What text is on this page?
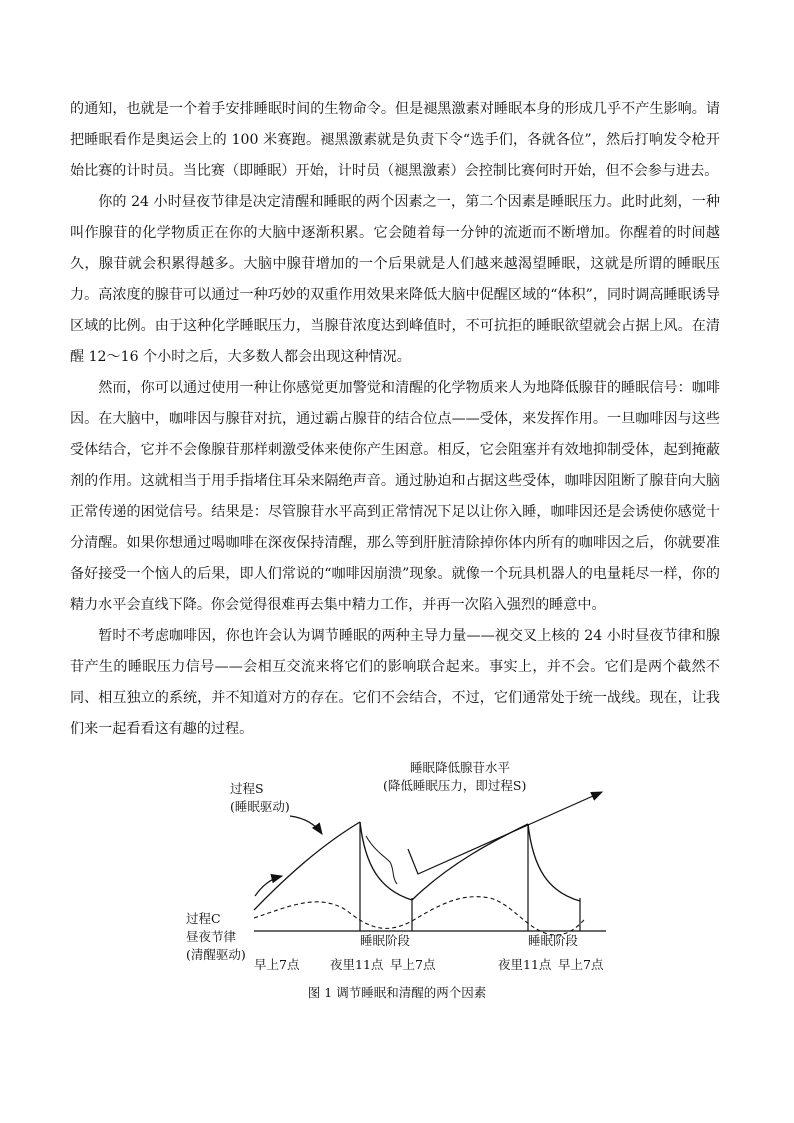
的通知，也就是一个着手安排睡眠时间的生物命令。但是褪黑激素对睡眠本身的形成几乎不产生影响。请把睡眠看作是奥运会上的 100 米赛跑。褪黑激素就是负责下令“选手们，各就各位”，然后打响发令枪开始比赛的计时员。当比赛（即睡眠）开始，计时员（褪黑激素）会控制比赛何时开始，但不会参与进去。

你的 24 小时昼夜节律是决定清醒和睡眠的两个因素之一，第二个因素是睡眠压力。此时此刻，一种叫作腺苷的化学物质正在你的大脑中逐渐积累。它会随着每一分钟的流逝而不断增加。你醒着的时间越久，腺苷就会积累得越多。大脑中腺苷增加的一个后果就是人们越来越渴望睡眠，这就是所谓的睡眠压力。高浓度的腺苷可以通过一种巧妙的双重作用效果来降低大脑中促醒区域的“体积”，同时调高睡眠诱导区域的比例。由于这种化学睡眠压力，当腺苷浓度达到峰值时，不可抗拒的睡眠欲望就会占据上风。在清醒 12～16 个小时之后，大多数人都会出现这种情况。

然而，你可以通过使用一种让你感觉更加警觉和清醒的化学物质来人为地降低腺苷的睡眠信号：咖啡因。在大脑中，咖啡因与腺苷对抗，通过霸占腺苷的结合位点——受体，来发挥作用。一旦咖啡因与这些受体结合，它并不会像腺苷那样刺激受体来使你产生困意。相反，它会阻塞并有效地抑制受体，起到掩蔽剂的作用。这就相当于用手指堵住耳朵来隔绝声音。通过胁迫和占据这些受体，咖啡因阻断了腺苷向大脑正常传递的困觉信号。结果是：尽管腺苷水平高到正常情况下足以让你入睡，咖啡因还是会诱使你感觉十分清醒。如果你想通过喝咖啡在深夜保持清醒，那么等到肝脏清除掉你体内所有的咖啡因之后，你就要准备好接受一个恼人的后果，即人们常说的“咖啡因崩溃”现象。就像一个玩具机器人的电量耗尽一样，你的精力水平会直线下降。你会觉得很难再去集中精力工作，并再一次陷入强烈的睡意中。

暂时不考虑咖啡因，你也许会认为调节睡眠的两种主导力量——视交叉上核的 24 小时昼夜节律和腺苷产生的睡眠压力信号——会相互交流来将它们的影响联合起来。事实上，并不会。它们是两个截然不同、相互独立的系统，并不知道对方的存在。它们不会结合，不过，它们通常处于统一战线。现在，让我们来一起看看这有趣的过程。

过程S
(睡眠驱动)
睡眠降低腺苷水平
(降低睡眠压力，即过程S)
过程C
昼夜节律
(清醒驱动)
睡眠阶段	睡眠阶段
早上7点 夜里11点 早上7点	夜里11点 早上7点
图 1 调节睡眠和清醒的两个因素
